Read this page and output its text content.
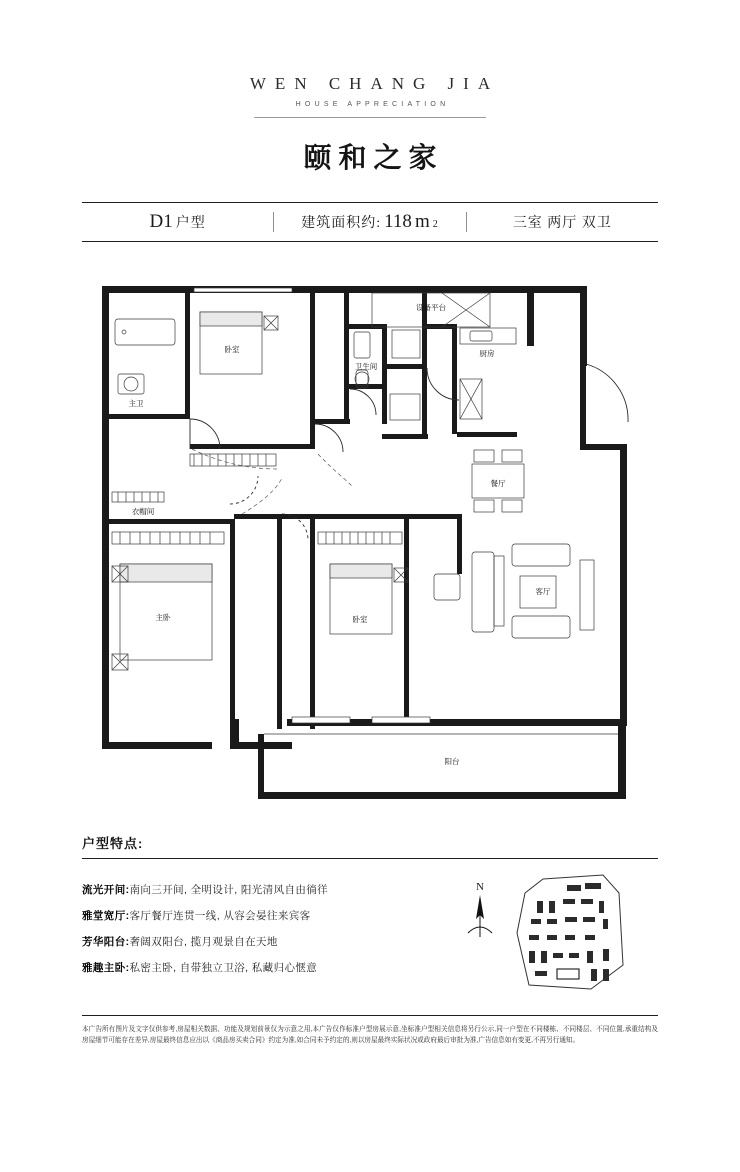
WEN CHANG JIA
HOUSE APPRECIATION
颐和之家
D1 户型	建筑面积约: 118 m 2	三室 两厅 双卫
设备平台
卧室
主卫
卫生间
厨房
衣帽间
餐厅
主卧	卧室
客厅
阳台
户型特点:
流光开间:南向三开间, 全明设计, 阳光清风自由徜徉
雅堂宽厅:客厅餐厅连贯一线, 从容会晏往来宾客
芳华阳台:奢阔双阳台, 揽月观景自在天地
雅趣主卧:私密主卧, 自带独立卫浴, 私藏归心惬意
N
本广告所有图片及文字仅供参考,房屋相关数据、功能及规划前景仅为示意之用,本广告仅作标准户型房展示意,坐标准户型相关信息将另行公示,同一户型在不同楼栋、不同楼层、不同位置,承重结构及房屋细节可能存在差异,房屋最终信息应出以《商品房买卖合同》约定为准,如合同未予约定的,则以房屋最终实际状况或政府最后审批为准,广告信息如有变更,不再另行通知。
